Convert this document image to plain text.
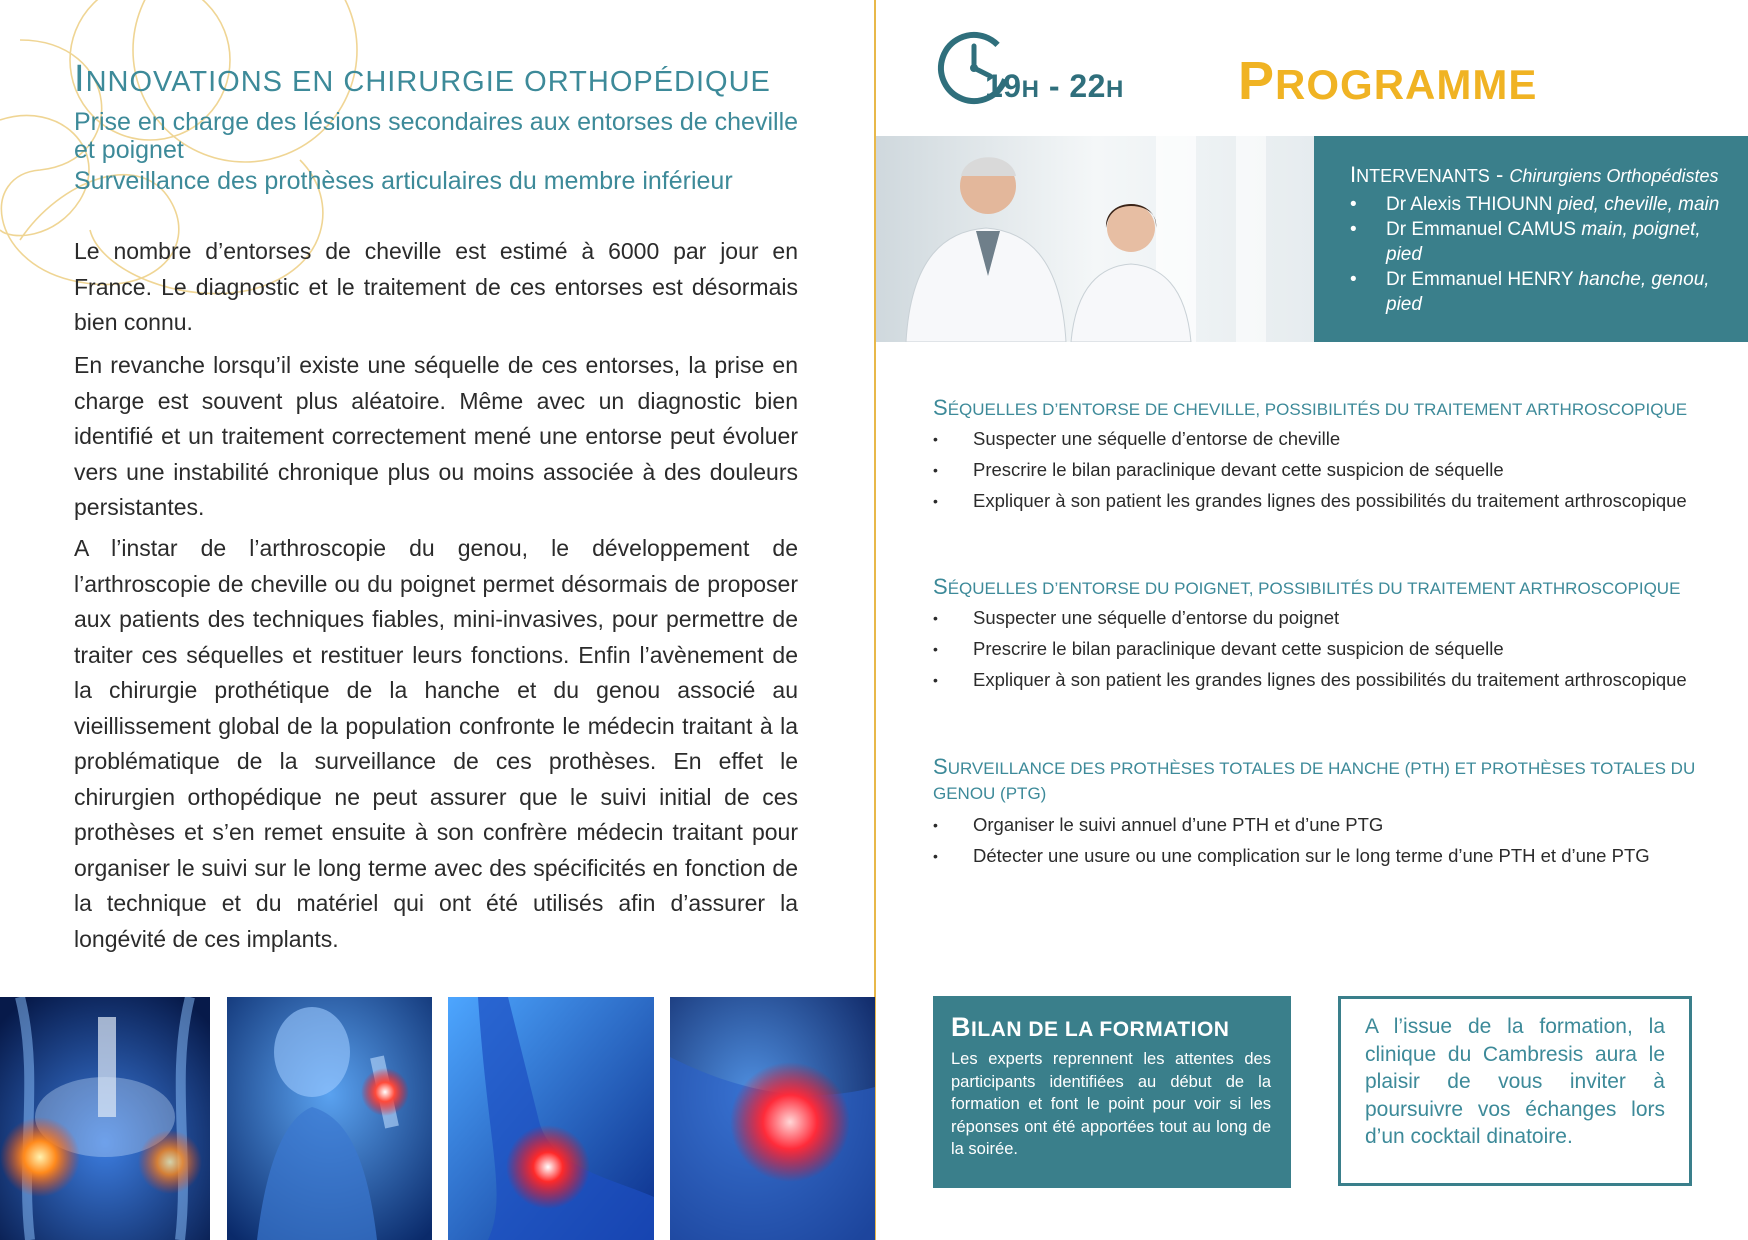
INNOVATIONS EN CHIRURGIE ORTHOPÉDIQUE
Prise en charge des lésions secondaires aux entorses de cheville et poignet
Surveillance des prothèses articulaires du membre inférieur
Le nombre d’entorses de cheville est estimé à 6000 par jour en France. Le diagnostic et le traitement de ces entorses est désormais bien connu.
En revanche lorsqu’il existe une séquelle de ces entorses, la prise en charge est souvent plus aléatoire. Même avec un diagnostic bien identifié et un traitement correctement mené une entorse peut évoluer vers une instabilité chronique plus ou moins associée à des douleurs persistantes.
A l’instar de l’arthroscopie du genou, le développement de l’arthroscopie de cheville ou du poignet permet désormais de proposer aux patients des techniques fiables, mini-invasives, pour permettre de traiter ces séquelles et restituer leurs fonctions. Enfin l’avènement de la chirurgie prothétique de la hanche et du genou associé au vieillissement global de la population confronte le médecin traitant à la problématique de la surveillance de ces prothèses. En effet le chirurgien orthopédique ne peut assurer que le suivi initial de ces prothèses et s’en remet ensuite à son confrère médecin traitant pour organiser le suivi sur le long terme avec des spécificités en fonction de la technique et du matériel qui ont été utilisés afin d’assurer la longévité de ces implants.
19H - 22H PROGRAMME
INTERVENANTS - Chirurgiens Orthopédistes
• Dr Alexis THIOUNN pied, cheville, main
• Dr Emmanuel CAMUS main, poignet, pied
• Dr Emmanuel HENRY hanche, genou, pied
SÉQUELLES D’ENTORSE DE CHEVILLE, POSSIBILITÉS DU TRAITEMENT ARTHROSCOPIQUE
• Suspecter une séquelle d’entorse de cheville
• Prescrire le bilan paraclinique devant cette suspicion de séquelle
• Expliquer à son patient les grandes lignes des possibilités du traitement arthroscopique
SÉQUELLES D’ENTORSE DU POIGNET, POSSIBILITÉS DU TRAITEMENT ARTHROSCOPIQUE
• Suspecter une séquelle d’entorse du poignet
• Prescrire le bilan paraclinique devant cette suspicion de séquelle
• Expliquer à son patient les grandes lignes des possibilités du traitement arthroscopique
SURVEILLANCE DES PROTHÈSES TOTALES DE HANCHE (PTH) ET PROTHÈSES TOTALES DU GENOU (PTG)
• Organiser le suivi annuel d’une PTH et d’une PTG
• Détecter une usure ou une complication sur le long terme d’une PTH et d’une PTG
BILAN DE LA FORMATION
Les experts reprennent les attentes des participants identifiées au début de la formation et font le point pour voir si les réponses ont été apportées tout au long de la soirée.
A l’issue de la formation, la clinique du Cambresis aura le plaisir de vous inviter à poursuivre vos échanges lors d’un cocktail dinatoire.
